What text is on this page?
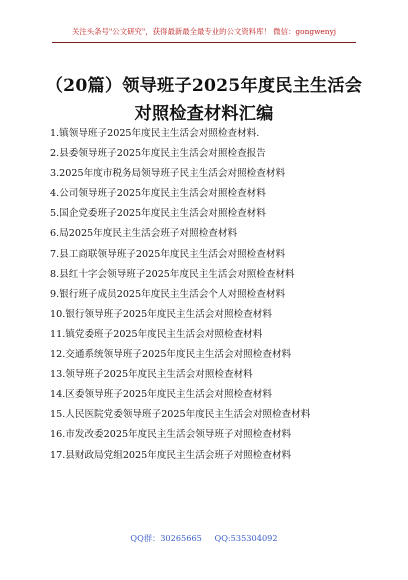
关注头条号"公文研究"，获得最新最全最专业的公文资料库！ 微信：gongwenyj
（20篇）领导班子2025年度民主生活会
对照检查材料汇编
1.镇领导班子2025年度民主生活会对照检查材料.
2.县委领导班子2025年度民主生活会对照检查报告
3.2025年度市税务局领导班子民主生活会对照检查材料
4.公司领导班子2025年度民主生活会对照检查材料
5.国企党委班子2025年度民主生活会对照检查材料
6.局2025年度民主生活会班子对照检查材料
7.县工商联领导班子2025年度民主生活会对照检查材料
8.县红十字会领导班子2025年度民主生活会对照检查材料
9.银行班子成员2025年度民主生活会个人对照检查材料
10.银行领导班子2025年度民主生活会对照检查材料
11.镇党委班子2025年度民主生活会对照检查材料
12.交通系统领导班子2025年度民主生活会对照检查材料
13.领导班子2025年度民主生活会对照检查材料
14.区委领导班子2025年度民主生活会对照检查材料
15.人民医院党委领导班子2025年度民主生活会对照检查材料
16.市发改委2025年度民主生活会领导班子对照检查材料
17.县财政局党组2025年度民主生活会班子对照检查材料
QQ群：30265665 QQ:535304092
